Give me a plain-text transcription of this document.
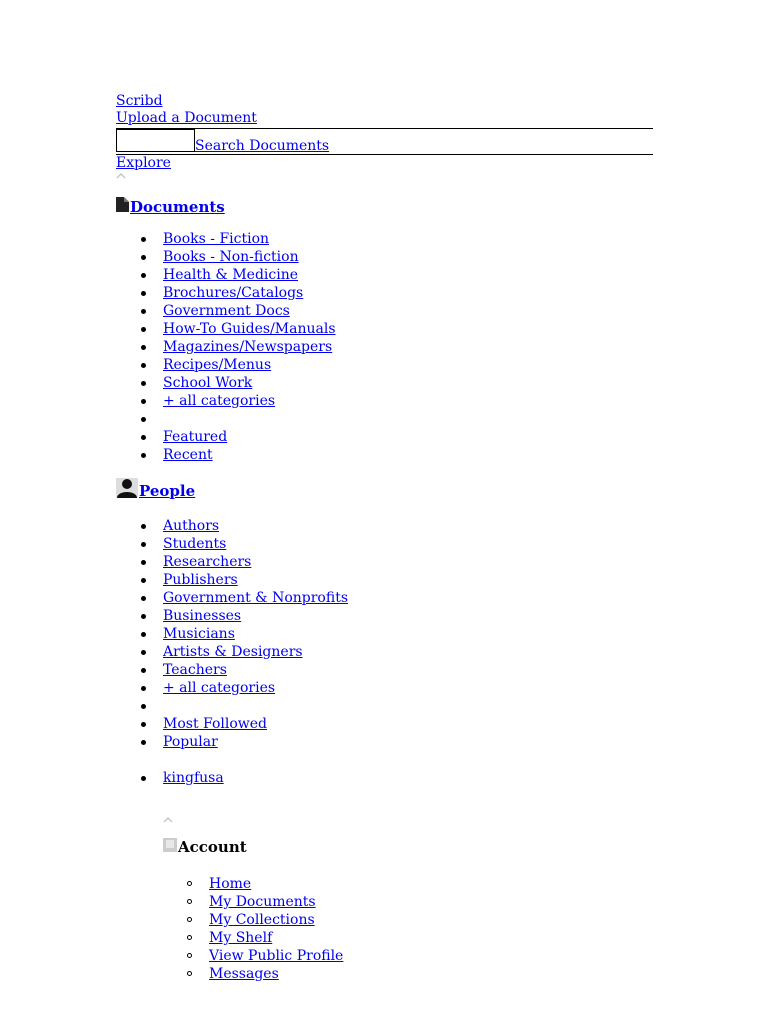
Scribd
Upload a Document
Search Documents
Explore
Documents
Books - Fiction
Books - Non-fiction
Health & Medicine
Brochures/Catalogs
Government Docs
How-To Guides/Manuals
Magazines/Newspapers
Recipes/Menus
School Work
+ all categories
Featured
Recent
People
Authors
Students
Researchers
Publishers
Government & Nonprofits
Businesses
Musicians
Artists & Designers
Teachers
+ all categories
Most Followed
Popular
kingfusa
Account
Home
My Documents
My Collections
My Shelf
View Public Profile
Messages
